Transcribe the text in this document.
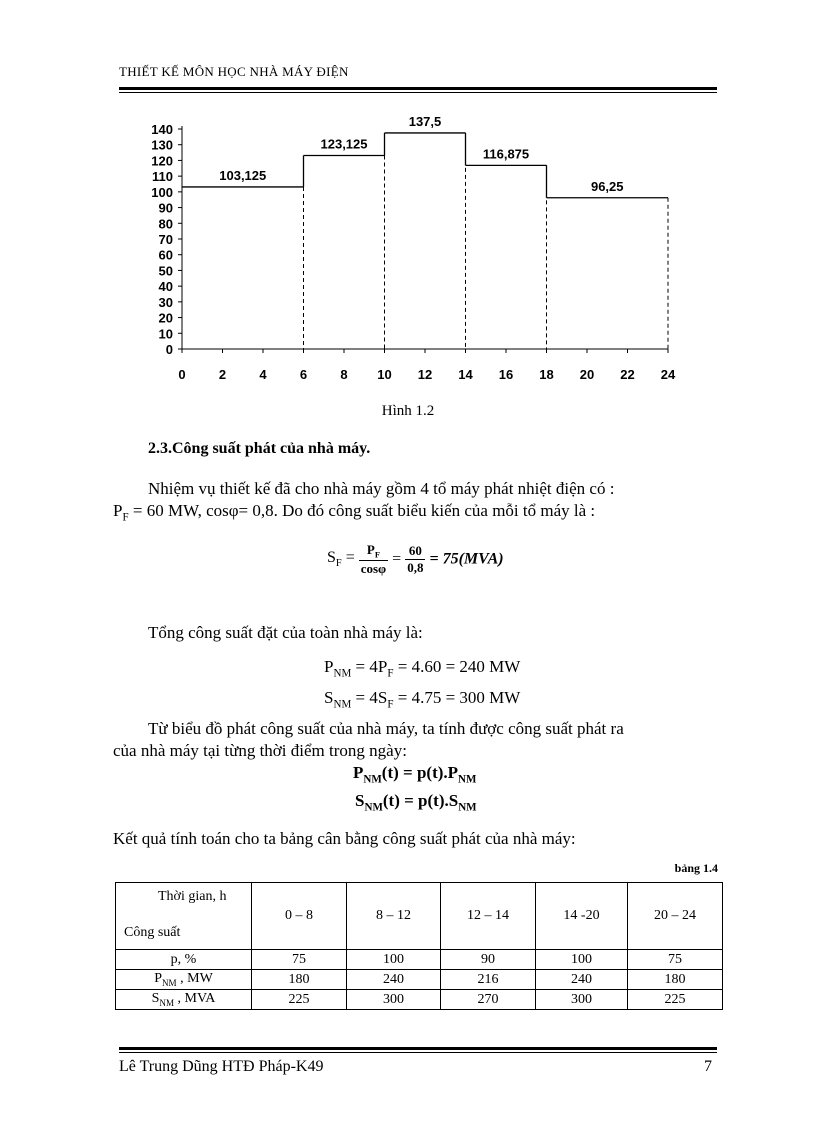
THIẾT KẾ MÔN HỌC NHÀ MÁY ĐIỆN
0
10
20
30
40
50
60
70
80
90
100
110
120
130
140
0	2	4	6	8 10 12 14 16 18 20 22 24
103,125
123,125
137,5
116,875
96,25
Hình 1.2
2.3.Công suất phát của nhà máy.
Nhiệm vụ thiết kế đã cho nhà máy gồm 4 tổ máy phát nhiệt điện có :
$P_F = 60$ MW, cosφ= 0,8. Do đó công suất biểu kiến của mỗi tổ máy là :
$S_F = \frac{P_F}{\cos\varphi} = \frac{60}{0,8} = 75(MVA)$
Tổng công suất đặt của toàn nhà máy là:
$P_{NM} = 4P_F = 4.60 = 240$ MW
$S_{NM} = 4S_F = 4.75 = 300$ MW
Từ biểu đồ phát công suất của nhà máy, ta tính được công suất phát ra
của nhà máy tại từng thời điểm trong ngày:
$P_{NM}(t) = p(t).P_{NM}$
$S_{NM}(t) = p(t).S_{NM}$
Kết quả tính toán cho ta bảng cân bằng công suất phát của nhà máy:
bảng 1.4
Thời gian, h
Công suất	0 – 8	8 – 12	12 – 14	14 -20	20 – 24
p, %	75	100	90	100	75
$P_{NM}$ , MW	180	240	216	240	180
$S_{NM}$ , MVA	225	300	270	300	225
Lê Trung Dũng HTĐ Pháp-K49	7
